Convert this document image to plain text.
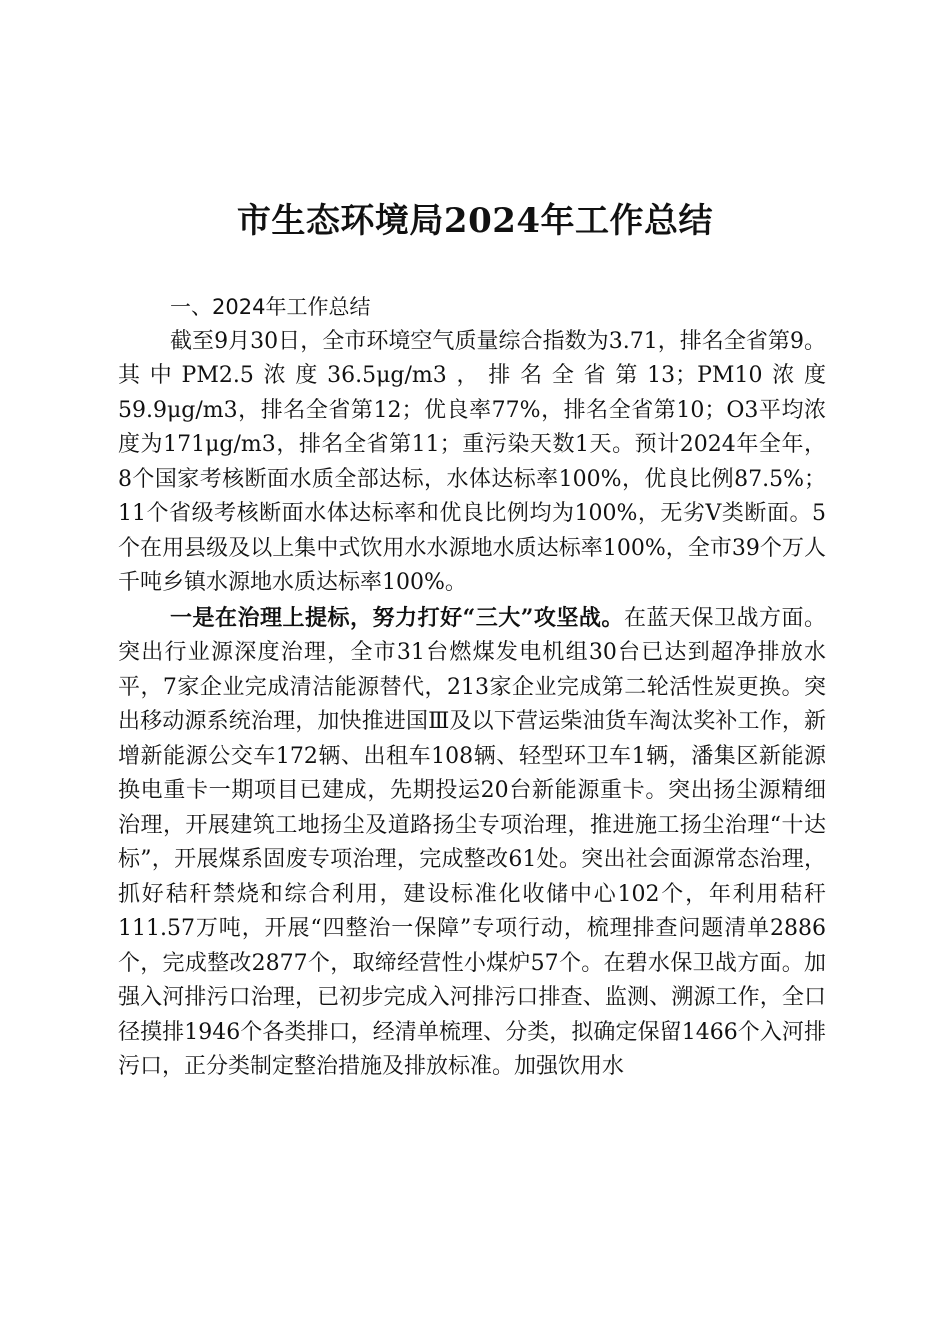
市生态环境局2024年工作总结

一、2024年工作总结

截至9月30日，全市环境空气质量综合指数为3.71，排名全省第9。其中PM2.5浓度36.5μg/m3，排名全省第13；PM10浓度59.9μg/m3，排名全省第12；优良率77%，排名全省第10；O3平均浓度为171μg/m3，排名全省第11；重污染天数1天。预计2024年全年，8个国家考核断面水质全部达标，水体达标率100%，优良比例87.5%；11个省级考核断面水体达标率和优良比例均为100%，无劣V类断面。5个在用县级及以上集中式饮用水水源地水质达标率100%，全市39个万人千吨乡镇水源地水质达标率100%。

一是在治理上提标，努力打好“三大”攻坚战。在蓝天保卫战方面。突出行业源深度治理，全市31台燃煤发电机组30台已达到超净排放水平，7家企业完成清洁能源替代，213家企业完成第二轮活性炭更换。突出移动源系统治理，加快推进国Ⅲ及以下营运柴油货车淘汰奖补工作，新增新能源公交车172辆、出租车108辆、轻型环卫车1辆，潘集区新能源换电重卡一期项目已建成，先期投运20台新能源重卡。突出扬尘源精细治理，开展建筑工地扬尘及道路扬尘专项治理，推进施工扬尘治理“十达标”，开展煤系固废专项治理，完成整改61处。突出社会面源常态治理，抓好秸秆禁烧和综合利用，建设标准化收储中心102个，年利用秸秆111.57万吨，开展“四整治一保障”专项行动，梳理排查问题清单2886个，完成整改2877个，取缔经营性小煤炉57个。在碧水保卫战方面。加强入河排污口治理，已初步完成入河排污口排查、监测、溯源工作，全口径摸排1946个各类排口，经清单梳理、分类，拟确定保留1466个入河排污口，正分类制定整治措施及排放标准。加强饮用水
